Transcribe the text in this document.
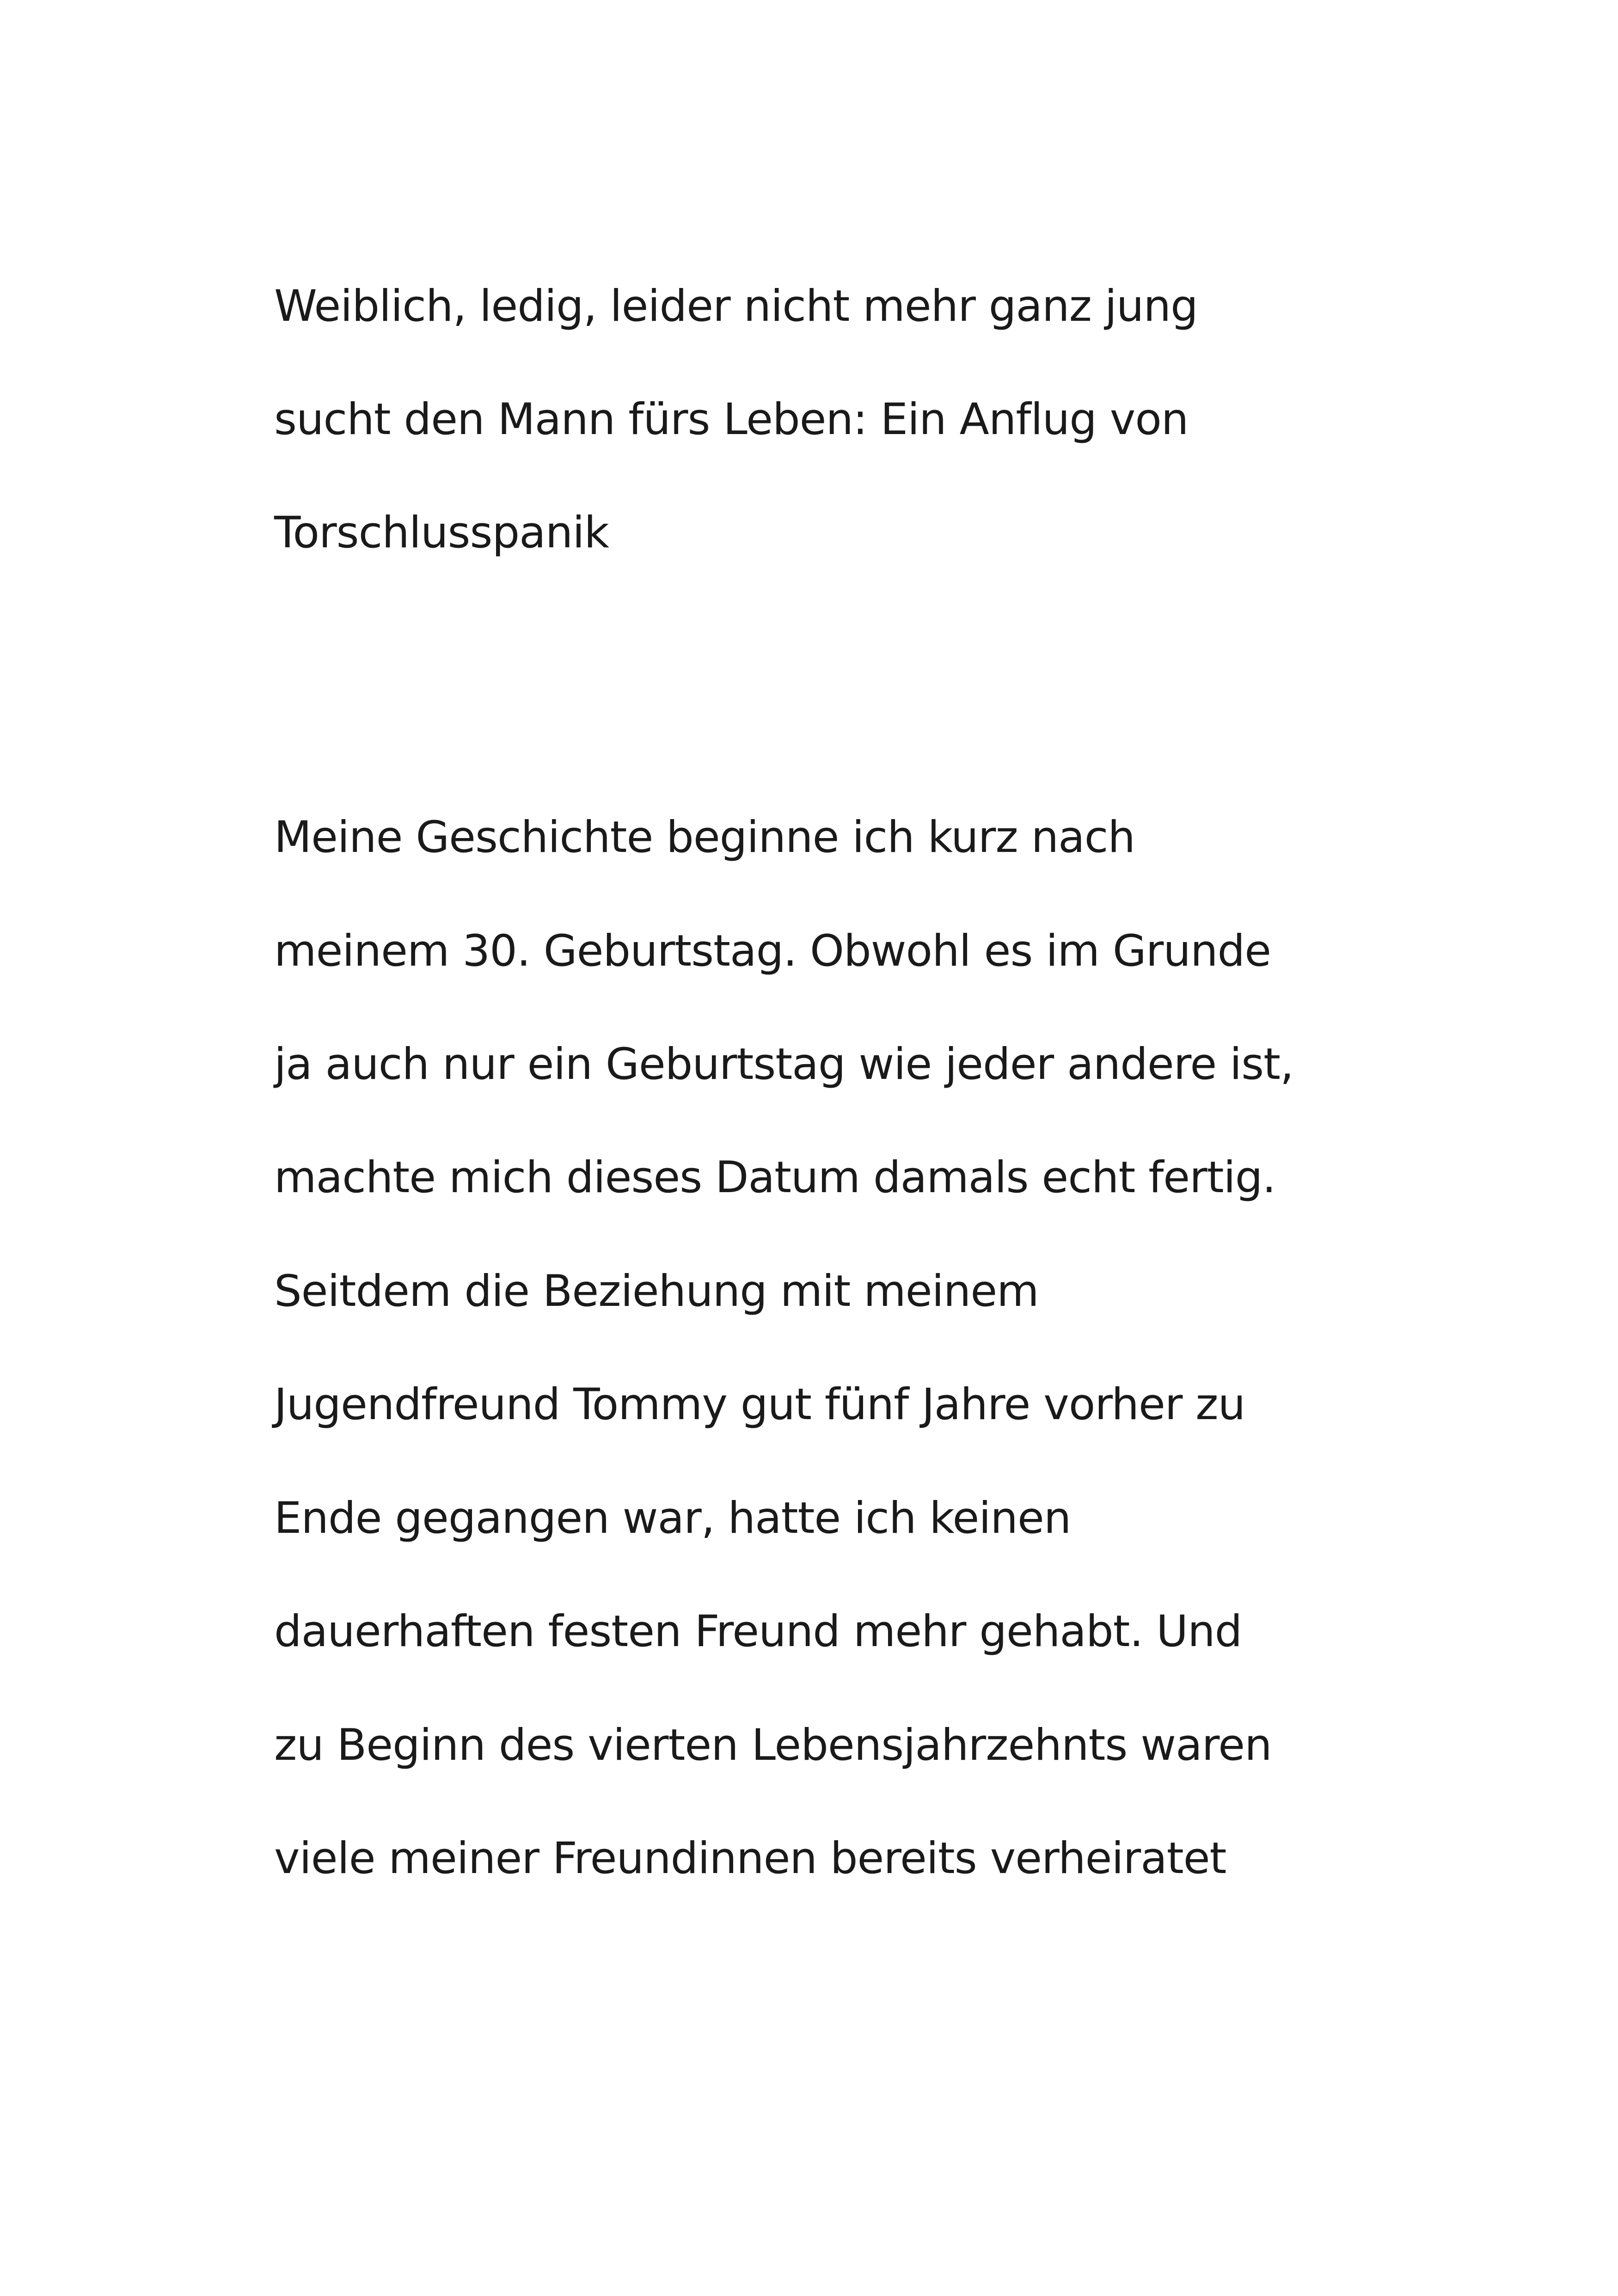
Weiblich, ledig, leider nicht mehr ganz jung

sucht den Mann fürs Leben: Ein Anflug von

Torschlusspanik

Meine Geschichte beginne ich kurz nach

meinem 30. Geburtstag. Obwohl es im Grunde

ja auch nur ein Geburtstag wie jeder andere ist,

machte mich dieses Datum damals echt fertig.

Seitdem die Beziehung mit meinem

Jugendfreund Tommy gut fünf Jahre vorher zu

Ende gegangen war, hatte ich keinen

dauerhaften festen Freund mehr gehabt. Und

zu Beginn des vierten Lebensjahrzehnts waren

viele meiner Freundinnen bereits verheiratet
